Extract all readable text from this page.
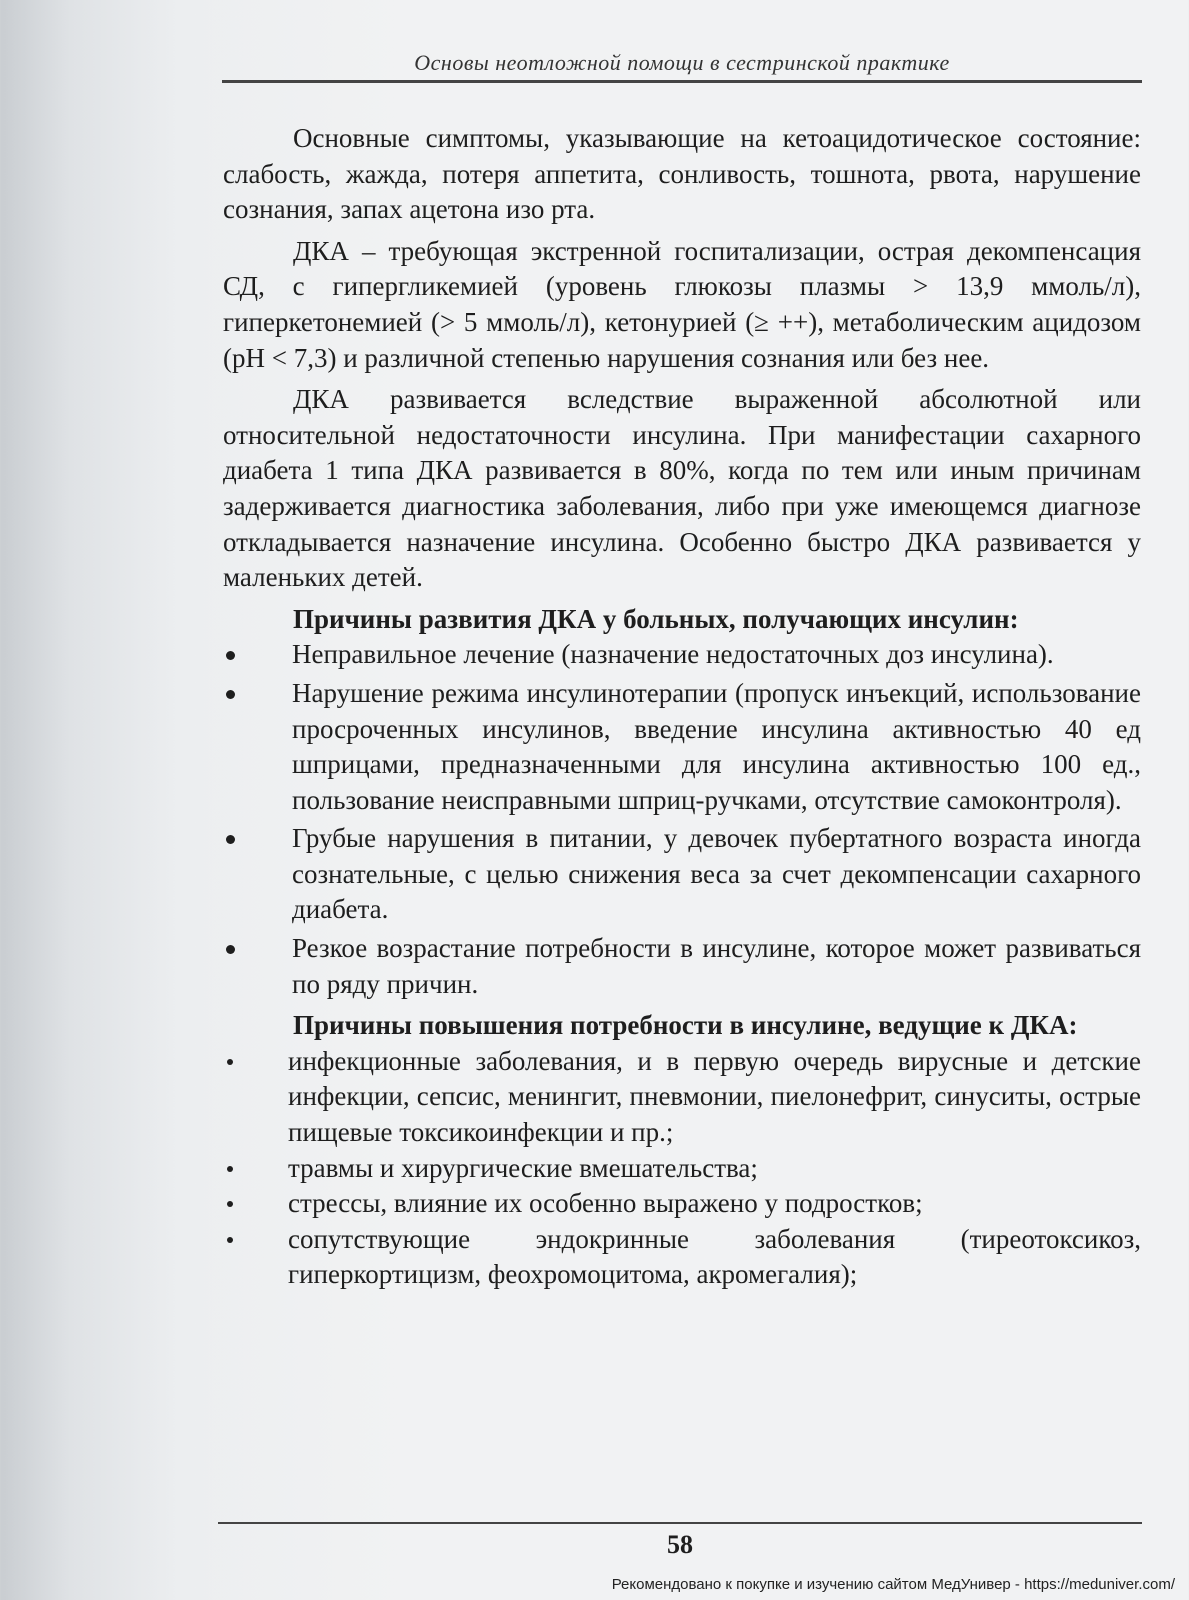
Основы неотложной помощи в сестринской практике

Основные симптомы, указывающие на кетоацидотическое состояние: слабость, жажда, потеря аппетита, сонливость, тошнота, рвота, нарушение сознания, запах ацетона изо рта.

ДКА – требующая экстренной госпитализации, острая декомпенсация СД, с гипергликемией (уровень глюкозы плазмы > 13,9 ммоль/л), гиперкетонемией (> 5 ммоль/л), кетонурией (≥ ++), метаболическим ацидозом (pH < 7,3) и различной степенью нарушения сознания или без нее.

ДКА развивается вследствие выраженной абсолютной или относительной недостаточности инсулина. При манифестации сахарного диабета 1 типа ДКА развивается в 80%, когда по тем или иным причинам задерживается диагностика заболевания, либо при уже имеющемся диагнозе откладывается назначение инсулина. Особенно быстро ДКА развивается у маленьких детей.

Причины развития ДКА у больных, получающих инсулин:

Неправильное лечение (назначение недостаточных доз инсулина).
Нарушение режима инсулинотерапии (пропуск инъекций, использование просроченных инсулинов, введение инсулина активностью 40 ед шприцами, предназначенными для инсулина активностью 100 ед., пользование неисправными шприц-ручками, отсутствие самоконтроля).
Грубые нарушения в питании, у девочек пубертатного возраста иногда сознательные, с целью снижения веса за счет декомпенсации сахарного диабета.
Резкое возрастание потребности в инсулине, которое может развиваться по ряду причин.

Причины повышения потребности в инсулине, ведущие к ДКА:

инфекционные заболевания, и в первую очередь вирусные и детские инфекции, сепсис, менингит, пневмонии, пиелонефрит, синуситы, острые пищевые токсикоинфекции и пр.;
травмы и хирургические вмешательства;
стрессы, влияние их особенно выражено у подростков;
сопутствующие эндокринные заболевания (тиреотоксикоз, гиперкортицизм, феохромоцитома, акромегалия);
58
Рекомендовано к покупке и изучению сайтом МедУнивер - https://meduniver.com/
